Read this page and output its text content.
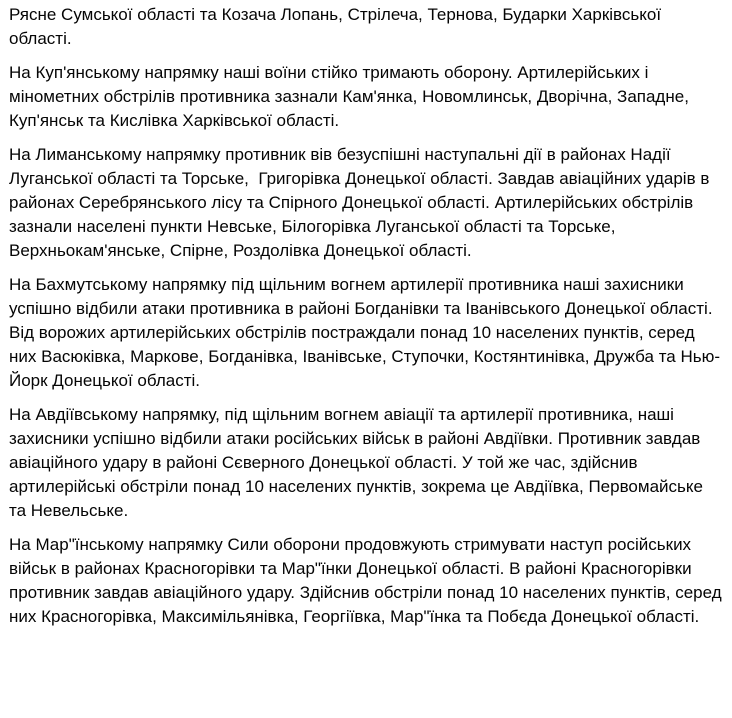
Рясне Сумської області та Козача Лопань, Стрілеча, Тернова, Бударки Харківської області.

На Куп'янському напрямку наші воїни стійко тримають оборону. Артилерійських і мінометних обстрілів противника зазнали Кам'янка, Новомлинськ, Дворічна, Западне, Куп'янськ та Кислівка Харківської області.

На Лиманському напрямку противник вів безуспішні наступальні дії в районах Надії Луганської області та Торське,  Григорівка Донецької області. Завдав авіаційних ударів в районах Серебрянського лісу та Спірного Донецької області. Артилерійських обстрілів зазнали населені пункти Невське, Білогорівка Луганської області та Торське, Верхньокам'янське, Спірне, Роздолівка Донецької області.

На Бахмутському напрямку під щільним вогнем артилерії противника наші захисники успішно відбили атаки противника в районі Богданівки та Іванівського Донецької області. Від ворожих артилерійських обстрілів постраждали понад 10 населених пунктів, серед них Васюківка, Маркове, Богданівка, Іванівське, Ступочки, Костянтинівка, Дружба та Нью-Йорк Донецької області.

На Авдіївському напрямку, під щільним вогнем авіації та артилерії противника, наші захисники успішно відбили атаки російських військ в районі Авдіївки. Противник завдав авіаційного удару в районі Сєверного Донецької області. У той же час, здійснив артилерійські обстріли понад 10 населених пунктів, зокрема це Авдіївка, Первомайське та Невельське.

На Мар"їнському напрямку Сили оборони продовжують стримувати наступ російських військ в районах Красногорівки та Мар"їнки Донецької області. В районі Красногорівки противник завдав авіаційного удару. Здійснив обстріли понад 10 населених пунктів, серед них Красногорівка, Максимільянівка, Георгіївка, Мар"їнка та Побєда Донецької області.
